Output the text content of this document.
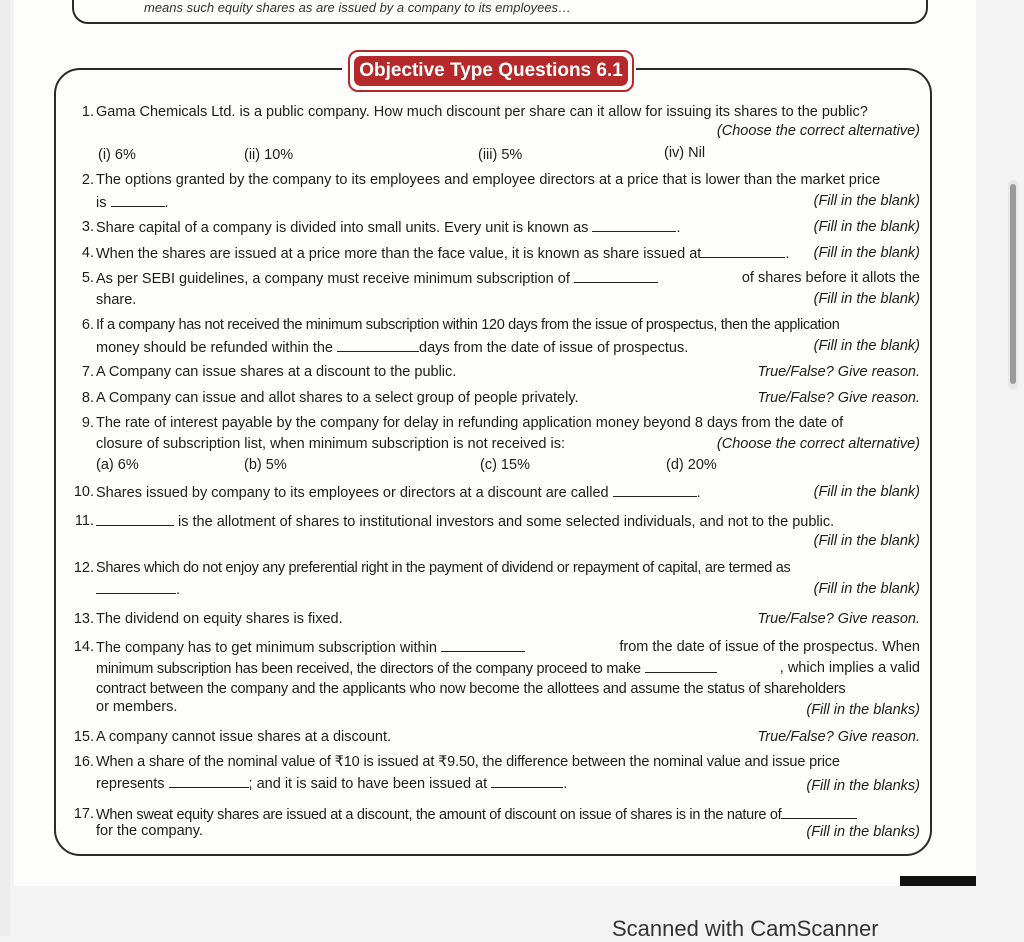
means such equity shares as are issued by a company to its employees…
Objective Type Questions 6.1
1. Gama Chemicals Ltd. is a public company. How much discount per share can it allow for issuing its shares to the public?
(Choose the correct alternative)
(i) 6%	(ii) 10%	(iii) 5%	(iv) Nil
2. The options granted by the company to its employees and employee directors at a price that is lower than the market price
is	.	(Fill in the blank)
3. Share capital of a company is divided into small units. Every unit is known as	.	(Fill in the blank)
4. When the shares are issued at a price more than the face value, it is known as share issued at	. (Fill in the blank)
5. As per SEBI guidelines, a company must receive minimum subscription of	of shares before it allots the
share.	(Fill in the blank)
6. If a company has not received the minimum subscription within 120 days from the issue of prospectus, then the application
money should be refunded within the	days from the date of issue of prospectus.	(Fill in the blank)
7. A Company can issue shares at a discount to the public.	True/False? Give reason.
8. A Company can issue and allot shares to a select group of people privately.	True/False? Give reason.
9. The rate of interest payable by the company for delay in refunding application money beyond 8 days from the date of
closure of subscription list, when minimum subscription is not received is:	(Choose the correct alternative)
(a) 6%	(b) 5%	(c) 15%	(d) 20%
10. Shares issued by company to its employees or directors at a discount are called	.	(Fill in the blank)
11.	is the allotment of shares to institutional investors and some selected individuals, and not to the public.
(Fill in the blank)
12. Shares which do not enjoy any preferential right in the payment of dividend or repayment of capital, are termed as
.	(Fill in the blank)
13. The dividend on equity shares is fixed.	True/False? Give reason.
14. The company has to get minimum subscription within	from the date of issue of the prospectus. When
minimum subscription has been received, the directors of the company proceed to make	, which implies a valid
contract between the company and the applicants who now become the allottees and assume the status of shareholders
or members.	(Fill in the blanks)
15. A company cannot issue shares at a discount.	True/False? Give reason.
16. When a share of the nominal value of ₹10 is issued at ₹9.50, the difference between the nominal value and issue price
represents	; and it is said to have been issued at	.	(Fill in the blanks)
17. When sweat equity shares are issued at a discount, the amount of discount on issue of shares is in the nature of
for the company.	(Fill in the blanks)
Scanned with CamScanner
